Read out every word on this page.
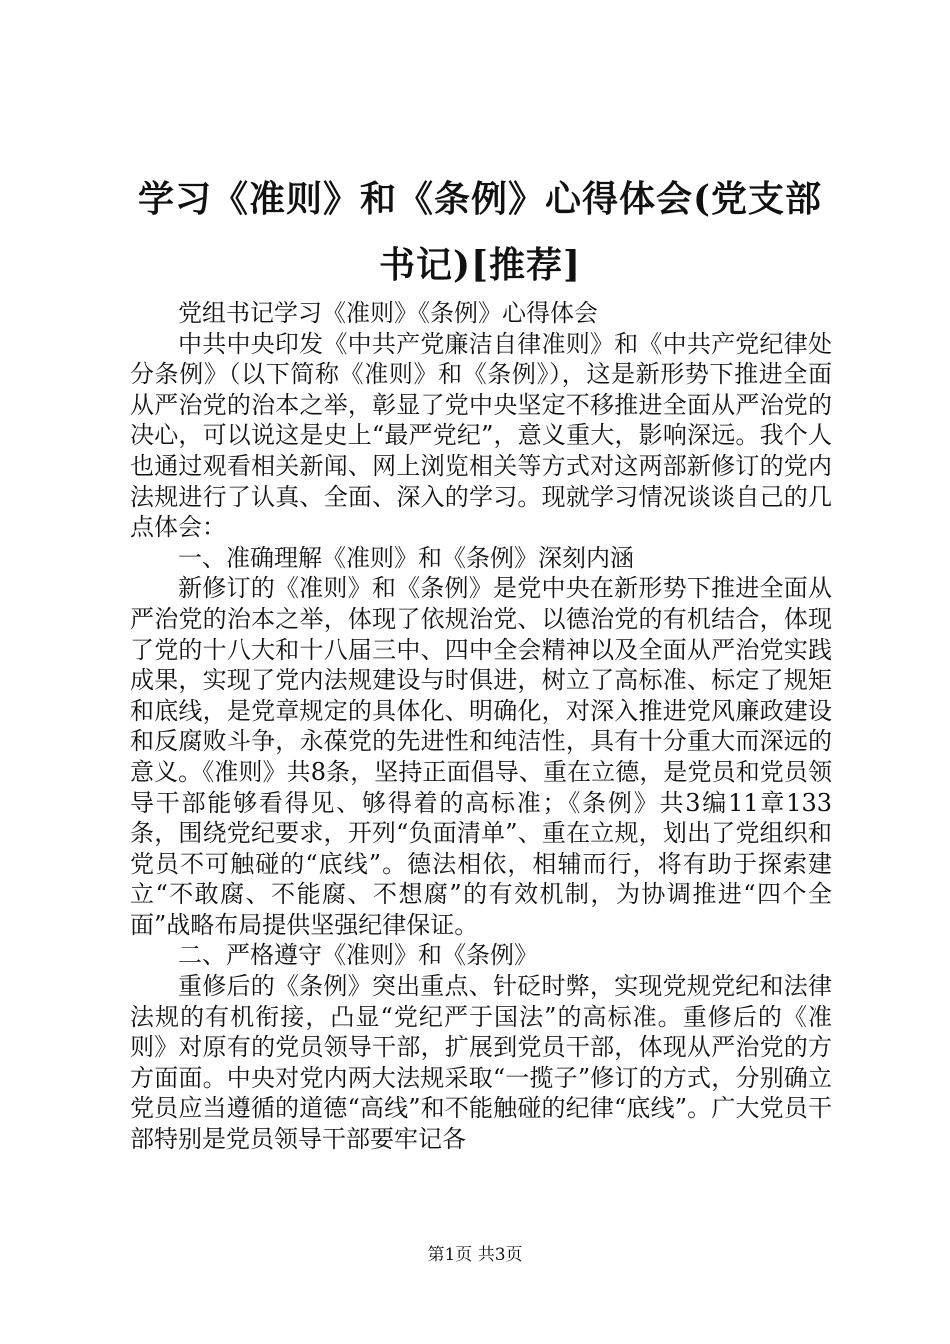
学习《准则》和《条例》心得体会(党支部书记)[推荐]

党组书记学习《准则》《条例》心得体会

中共中央印发《中共产党廉洁自律准则》和《中共产党纪律处分条例》（以下简称《准则》和《条例》），这是新形势下推进全面从严治党的治本之举，彰显了党中央坚定不移推进全面从严治党的决心，可以说这是史上“最严党纪”，意义重大，影响深远。我个人也通过观看相关新闻、网上浏览相关等方式对这两部新修订的党内法规进行了认真、全面、深入的学习。现就学习情况谈谈自己的几点体会：

一、准确理解《准则》和《条例》深刻内涵

新修订的《准则》和《条例》是党中央在新形势下推进全面从严治党的治本之举，体现了依规治党、以德治党的有机结合，体现了党的十八大和十八届三中、四中全会精神以及全面从严治党实践成果，实现了党内法规建设与时俱进，树立了高标准、标定了规矩和底线，是党章规定的具体化、明确化，对深入推进党风廉政建设和反腐败斗争，永葆党的先进性和纯洁性，具有十分重大而深远的意义。《准则》共8条，坚持正面倡导、重在立德，是党员和党员领导干部能够看得见、够得着的高标准；《条例》共3编11章133条，围绕党纪要求，开列“负面清单”、重在立规，划出了党组织和党员不可触碰的“底线”。德法相依，相辅而行，将有助于探索建立“不敢腐、不能腐、不想腐”的有效机制，为协调推进“四个全面”战略布局提供坚强纪律保证。

二、严格遵守《准则》和《条例》

重修后的《条例》突出重点、针砭时弊，实现党规党纪和法律法规的有机衔接，凸显“党纪严于国法”的高标准。重修后的《准则》对原有的党员领导干部，扩展到党员干部，体现从严治党的方方面面。中央对党内两大法规采取“一揽子”修订的方式，分别确立党员应当遵循的道德“高线”和不能触碰的纪律“底线”。广大党员干部特别是党员领导干部要牢记各

第1页 共3页
